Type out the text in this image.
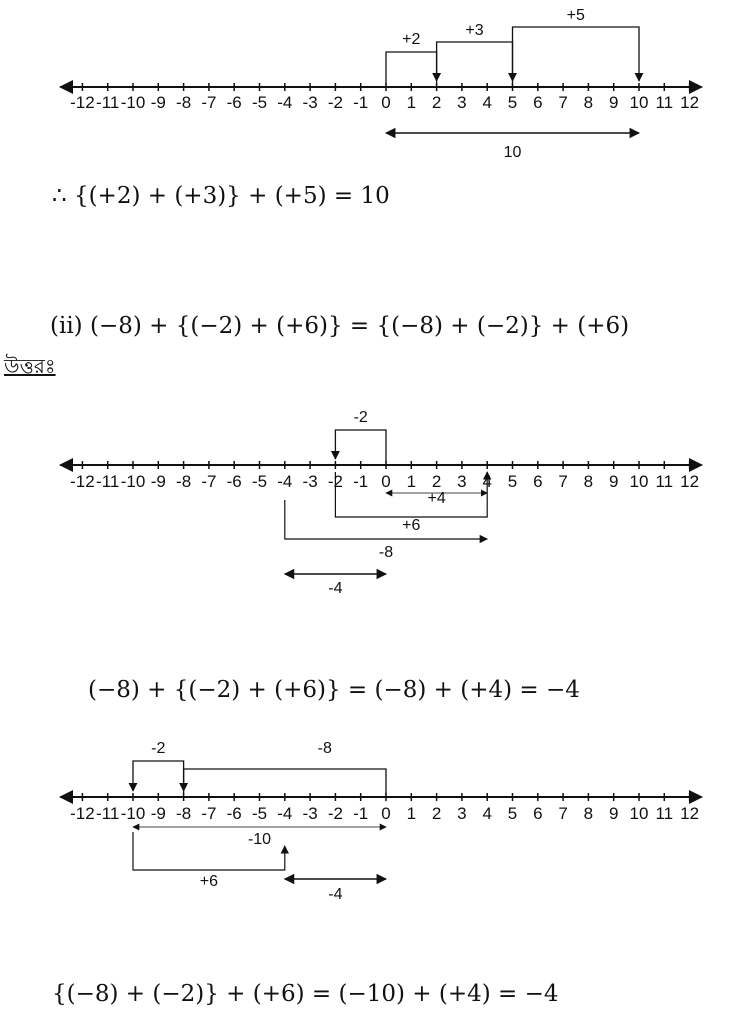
-12 -11 -10 -9 -8 -7 -6 -5 -4 -3 -2 -1 0 1 2 3 4 5 6 7 8 9 10 11 12
+2
+3
+5
10
-12 -11 -10 -9 -8 -7 -6 -5 -4 -3 -2 -1 0 1 2 3 4 5 6 7 8 9 10 11 12
-2
+4
+6
-8
-4
-12 -11 -10 -9 -8 -7 -6 -5 -4 -3 -2 -1 0 1 2 3 4 5 6 7 8 9 10 11 12
-2	-8
-10
+6
-4
∴ {(+2) + (+3)} + (+5) = 10
(ii) (−8) + {(−2) + (+6)} = {(−8) + (−2)} + (+6)
উত্তরঃ
(−8) + {(−2) + (+6)} = (−8) + (+4) = −4
{(−8) + (−2)} + (+6) = (−10) + (+4) = −4
